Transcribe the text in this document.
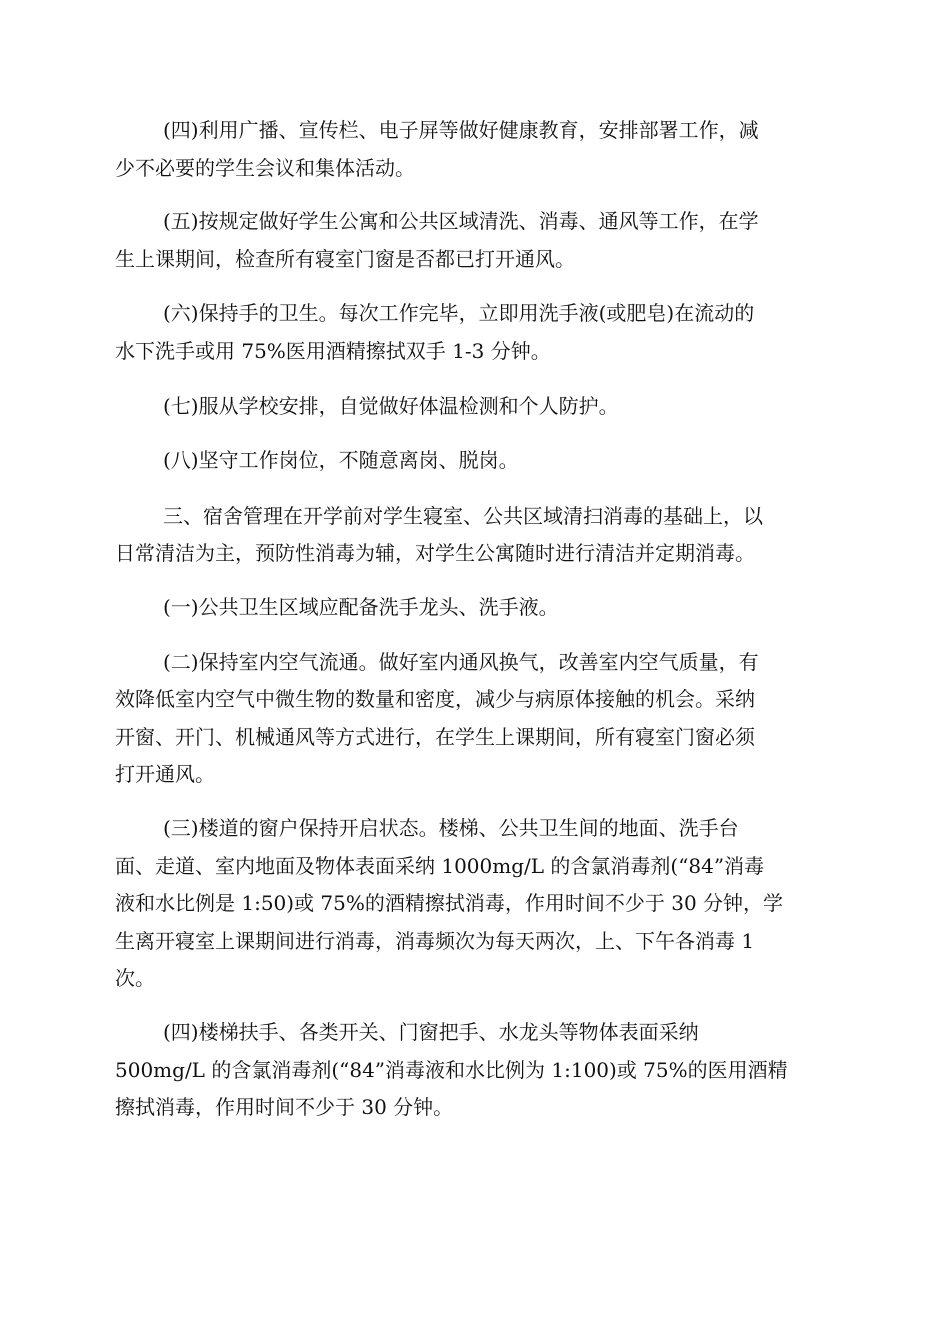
(四)利用广播、宣传栏、电子屏等做好健康教育，安排部署工作，减
少不必要的学生会议和集体活动。
(五)按规定做好学生公寓和公共区域清洗、消毒、通风等工作，在学
生上课期间，检查所有寝室门窗是否都已打开通风。
(六)保持手的卫生。每次工作完毕，立即用洗手液(或肥皂)在流动的
水下洗手或用 75%医用酒精擦拭双手 1-3 分钟。
(七)服从学校安排，自觉做好体温检测和个人防护。
(八)坚守工作岗位，不随意离岗、脱岗。
三、宿舍管理在开学前对学生寝室、公共区域清扫消毒的基础上，以
日常清洁为主，预防性消毒为辅，对学生公寓随时进行清洁并定期消毒。
(一)公共卫生区域应配备洗手龙头、洗手液。
(二)保持室内空气流通。做好室内通风换气，改善室内空气质量，有
效降低室内空气中微生物的数量和密度，减少与病原体接触的机会。采纳
开窗、开门、机械通风等方式进行，在学生上课期间，所有寝室门窗必须
打开通风。
(三)楼道的窗户保持开启状态。楼梯、公共卫生间的地面、洗手台
面、走道、室内地面及物体表面采纳 1000mg/L 的含氯消毒剂(“84”消毒
液和水比例是 1:50)或 75%的酒精擦拭消毒，作用时间不少于 30 分钟，学
生离开寝室上课期间进行消毒，消毒频次为每天两次，上、下午各消毒 1
次。
(四)楼梯扶手、各类开关、门窗把手、水龙头等物体表面采纳
500mg/L 的含氯消毒剂(“84”消毒液和水比例为 1:100)或 75%的医用酒精
擦拭消毒，作用时间不少于 30 分钟。
